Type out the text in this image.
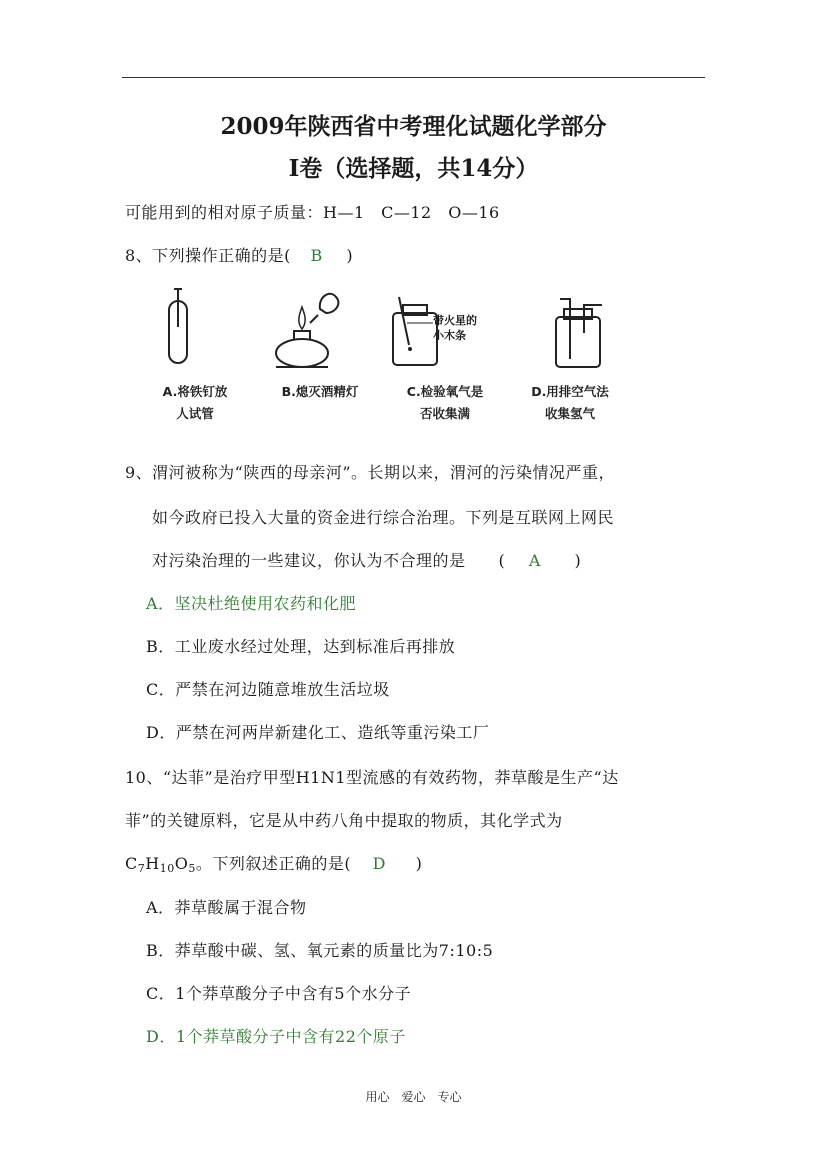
2009年陕西省中考理化试题化学部分
Ⅰ卷（选择题，共14分）
可能用到的相对原子质量：H—1　C—12　O—16
8、下列操作正确的是( B )
A.将铁钉放
人试管
B.熄灭酒精灯
带火星的
小木条
C.检验氧气是
否收集满
D.用排空气法
收集氢气
9、渭河被称为“陕西的母亲河”。长期以来，渭河的污染情况严重，
如今政府已投入大量的资金进行综合治理。下列是互联网上网民
对污染治理的一些建议，你认为不合理的是　　( A )
A．坚决杜绝使用农药和化肥
B．工业废水经过处理，达到标准后再排放
C．严禁在河边随意堆放生活垃圾
D．严禁在河两岸新建化工、造纸等重污染工厂
10、“达菲”是治疗甲型H1N1型流感的有效药物，莽草酸是生产“达
菲”的关键原料，它是从中药八角中提取的物质，其化学式为
$C_7H_{10}O_5$。下列叙述正确的是( D )
A．莽草酸属于混合物
B．莽草酸中碳、氢、氧元素的质量比为7:10:5
C．1个莽草酸分子中含有5个水分子
D．1个莽草酸分子中含有22个原子
用心 爱心 专心
